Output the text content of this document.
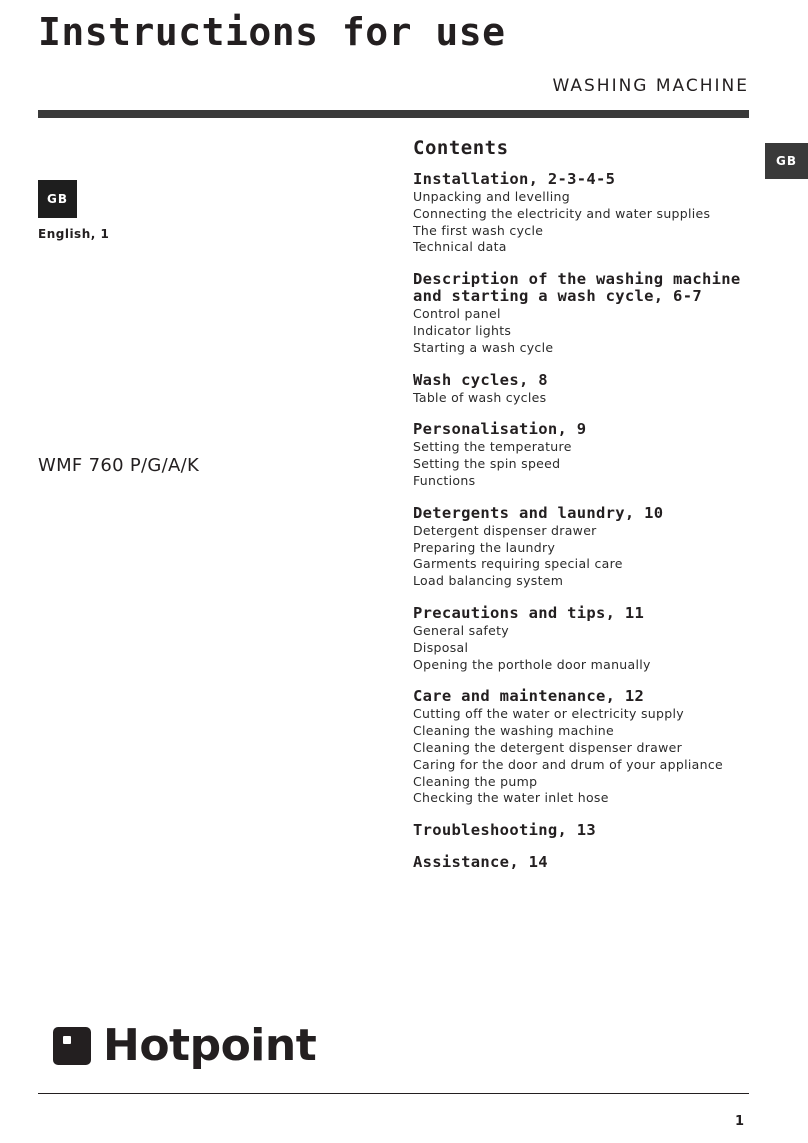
Instructions for use
WASHING MACHINE
GB
GB
English, 1
WMF 760 P/G/A/K
Contents
Installation, 2-3-4-5
Unpacking and levelling
Connecting the electricity and water supplies
The first wash cycle
Technical data
Description of the washing machine and starting a wash cycle, 6-7
Control panel
Indicator lights
Starting a wash cycle
Wash cycles, 8
Table of wash cycles
Personalisation, 9
Setting the temperature
Setting the spin speed
Functions
Detergents and laundry, 10
Detergent dispenser drawer
Preparing the laundry
Garments requiring special care
Load balancing system
Precautions and tips, 11
General safety
Disposal
Opening the porthole door manually
Care and maintenance, 12
Cutting off the water or electricity supply
Cleaning the washing machine
Cleaning the detergent dispenser drawer
Caring for the door and drum of your appliance
Cleaning the pump
Checking the water inlet hose
Troubleshooting, 13
Assistance, 14
Hotpoint
1
